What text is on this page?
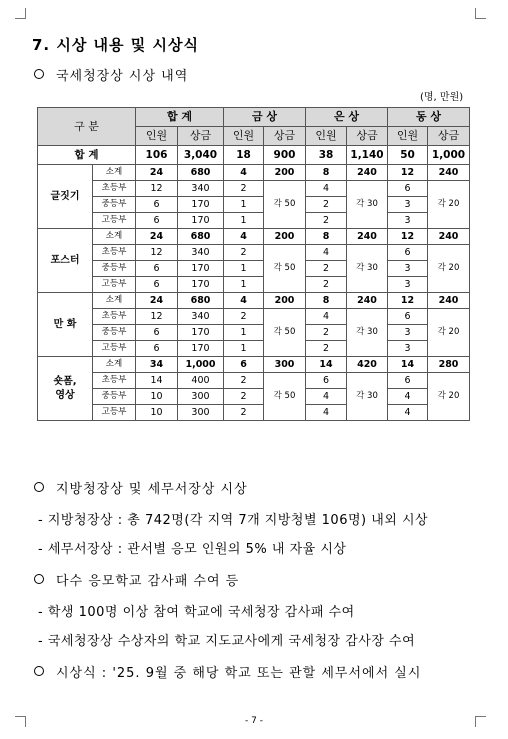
7. 시상 내용 및 시상식
국세청장상 시상 내역
(명, 만원)
구 분		합 계		금 상		은 상		동 상	
		인원	상금	인원	상금	인원	상금	인원	상금
합 계		106	3,040	18	900	38	1,140	50	1,000
글짓기	소계	24	680	4	200	8	240	12	240
	초등부	12	340	2	각 50	4	각 30	6	각 20
	중등부	6	170	1		2		3	
	고등부	6	170	1		2		3	
포스터	소계	24	680	4	200	8	240	12	240
	초등부	12	340	2	각 50	4	각 30	6	각 20
	중등부	6	170	1		2		3	
	고등부	6	170	1		2		3	
만 화	소계	24	680	4	200	8	240	12	240
	초등부	12	340	2	각 50	4	각 30	6	각 20
	중등부	6	170	1		2		3	
	고등부	6	170	1		2		3	
숏폼,
영상	소계	34	1,000	6	300	14	420	14	280
	초등부	14	400	2	각 50	6	각 30	6	각 20
	중등부	10	300	2		4		4	
	고등부	10	300	2		4		4	
지방청장상 및 세무서장상 시상
- 지방청장상 : 총 742명(각 지역 7개 지방청별 106명) 내외 시상
- 세무서장상 : 관서별 응모 인원의 5% 내 자율 시상
다수 응모학교 감사패 수여 등
- 학생 100명 이상 참여 학교에 국세청장 감사패 수여
- 국세청장상 수상자의 학교 지도교사에게 국세청장 감사장 수여
시상식 : '25. 9월 중 해당 학교 또는 관할 세무서에서 실시
- 7 -
